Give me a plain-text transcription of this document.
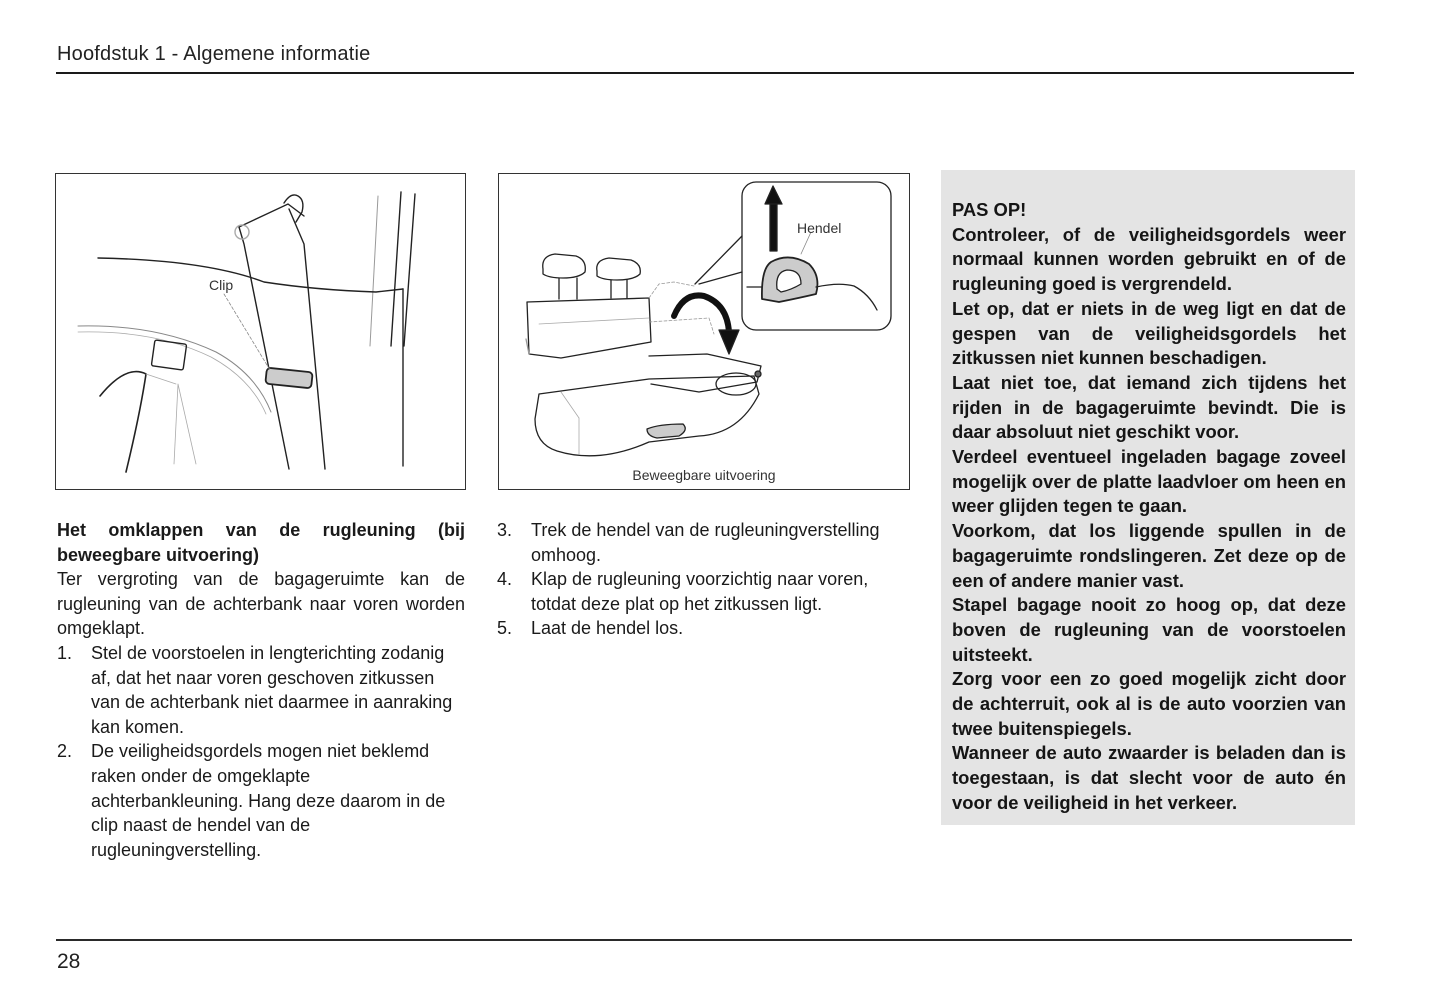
Hoofdstuk 1 - Algemene informatie
Clip
Hendel
Beweegbare uitvoering
Het omklappen van de rugleuning (bij beweegbare uitvoering)
Ter vergroting van de bagageruimte kan de rugleuning van de achterbank naar voren worden omgeklapt.
1. Stel de voorstoelen in lengterichting zodanig af, dat het naar voren geschoven zitkussen van de achterbank niet daarmee in aanraking kan komen.
2. De veiligheidsgordels mogen niet beklemd raken onder de omgeklapte achterbankleuning. Hang deze daarom in de clip naast de hendel van de rugleuningverstelling.
3. Trek de hendel van de rugleuningverstelling omhoog.
4. Klap de rugleuning voorzichtig naar voren, totdat deze plat op het zitkussen ligt.
5. Laat de hendel los.

PAS OP!

Controleer, of de veiligheidsgordels weer normaal kunnen worden gebruikt en of de rugleuning goed is vergrendeld.

Let op, dat er niets in de weg ligt en dat de gespen van de veiligheidsgordels het zitkussen niet kunnen beschadigen.

Laat niet toe, dat iemand zich tijdens het rijden in de bagageruimte bevindt. Die is daar absoluut niet geschikt voor.

Verdeel eventueel ingeladen bagage zoveel mogelijk over de platte laadvloer om heen en weer glijden tegen te gaan.

Voorkom, dat los liggende spullen in de bagageruimte rondslingeren. Zet deze op de een of andere manier vast.

Stapel bagage nooit zo hoog op, dat deze boven de rugleuning van de voorstoelen uitsteekt.

Zorg voor een zo goed mogelijk zicht door de achterruit, ook al is de auto voorzien van twee buitenspiegels.

Wanneer de auto zwaarder is beladen dan is toegestaan, is dat slecht voor de auto én voor de veiligheid in het verkeer.

28
